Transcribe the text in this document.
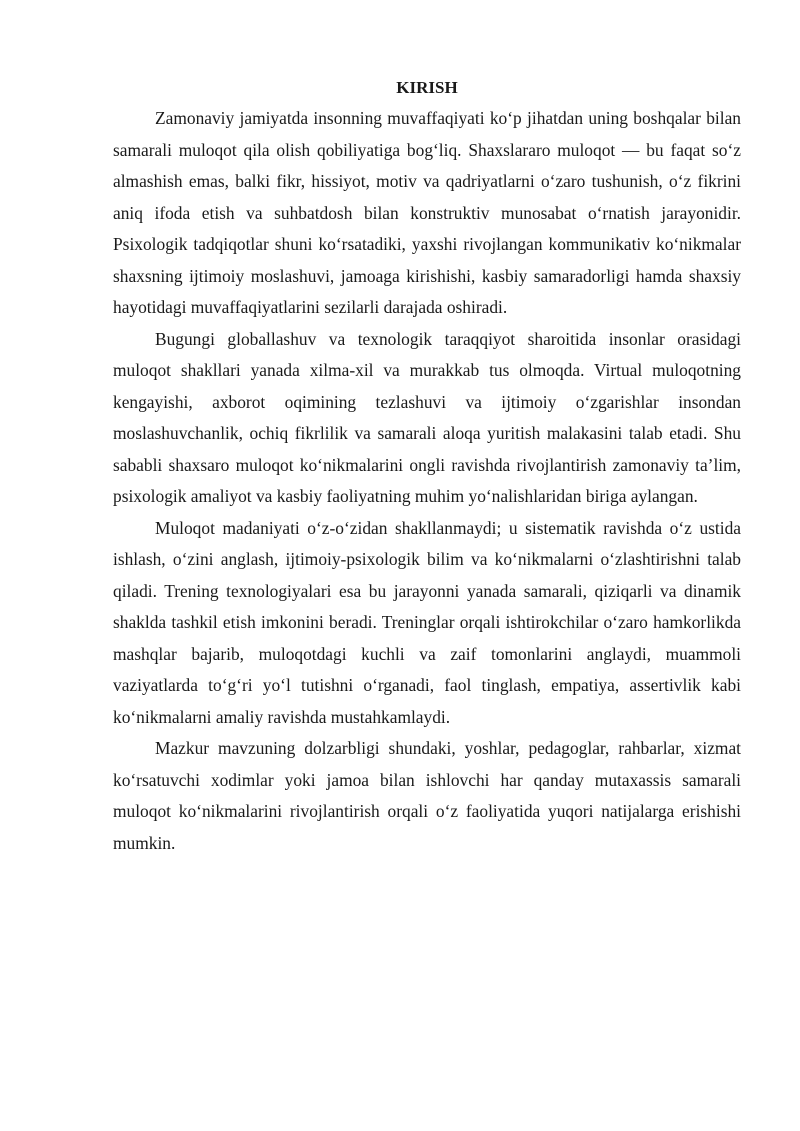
KIRISH

Zamonaviy jamiyatda insonning muvaffaqiyati ko‘p jihatdan uning boshqalar bilan samarali muloqot qila olish qobiliyatiga bog‘liq. Shaxslararo muloqot — bu faqat so‘z almashish emas, balki fikr, hissiyot, motiv va qadriyatlarni o‘zaro tushunish, o‘z fikrini aniq ifoda etish va suhbatdosh bilan konstruktiv munosabat o‘rnatish jarayonidir. Psixologik tadqiqotlar shuni ko‘rsatadiki, yaxshi rivojlangan kommunikativ ko‘nikmalar shaxsning ijtimoiy moslashuvi, jamoaga kirishishi, kasbiy samaradorligi hamda shaxsiy hayotidagi muvaffaqiyatlarini sezilarli darajada oshiradi.

Bugungi globallashuv va texnologik taraqqiyot sharoitida insonlar orasidagi muloqot shakllari yanada xilma-xil va murakkab tus olmoqda. Virtual muloqotning kengayishi, axborot oqimining tezlashuvi va ijtimoiy o‘zgarishlar insondan moslashuvchanlik, ochiq fikrlilik va samarali aloqa yuritish malakasini talab etadi. Shu sababli shaxsaro muloqot ko‘nikmalarini ongli ravishda rivojlantirish zamonaviy ta’lim, psixologik amaliyot va kasbiy faoliyatning muhim yo‘nalishlaridan biriga aylangan.

Muloqot madaniyati o‘z-o‘zidan shakllanmaydi; u sistematik ravishda o‘z ustida ishlash, o‘zini anglash, ijtimoiy-psixologik bilim va ko‘nikmalarni o‘zlashtirishni talab qiladi. Trening texnologiyalari esa bu jarayonni yanada samarali, qiziqarli va dinamik shaklda tashkil etish imkonini beradi. Treninglar orqali ishtirokchilar o‘zaro hamkorlikda mashqlar bajarib, muloqotdagi kuchli va zaif tomonlarini anglaydi, muammoli vaziyatlarda to‘g‘ri yo‘l tutishni o‘rganadi, faol tinglash, empatiya, assertivlik kabi ko‘nikmalarni amaliy ravishda mustahkamlaydi.

Mazkur mavzuning dolzarbligi shundaki, yoshlar, pedagoglar, rahbarlar, xizmat ko‘rsatuvchi xodimlar yoki jamoa bilan ishlovchi har qanday mutaxassis samarali muloqot ko‘nikmalarini rivojlantirish orqali o‘z faoliyatida yuqori natijalarga erishishi mumkin.
